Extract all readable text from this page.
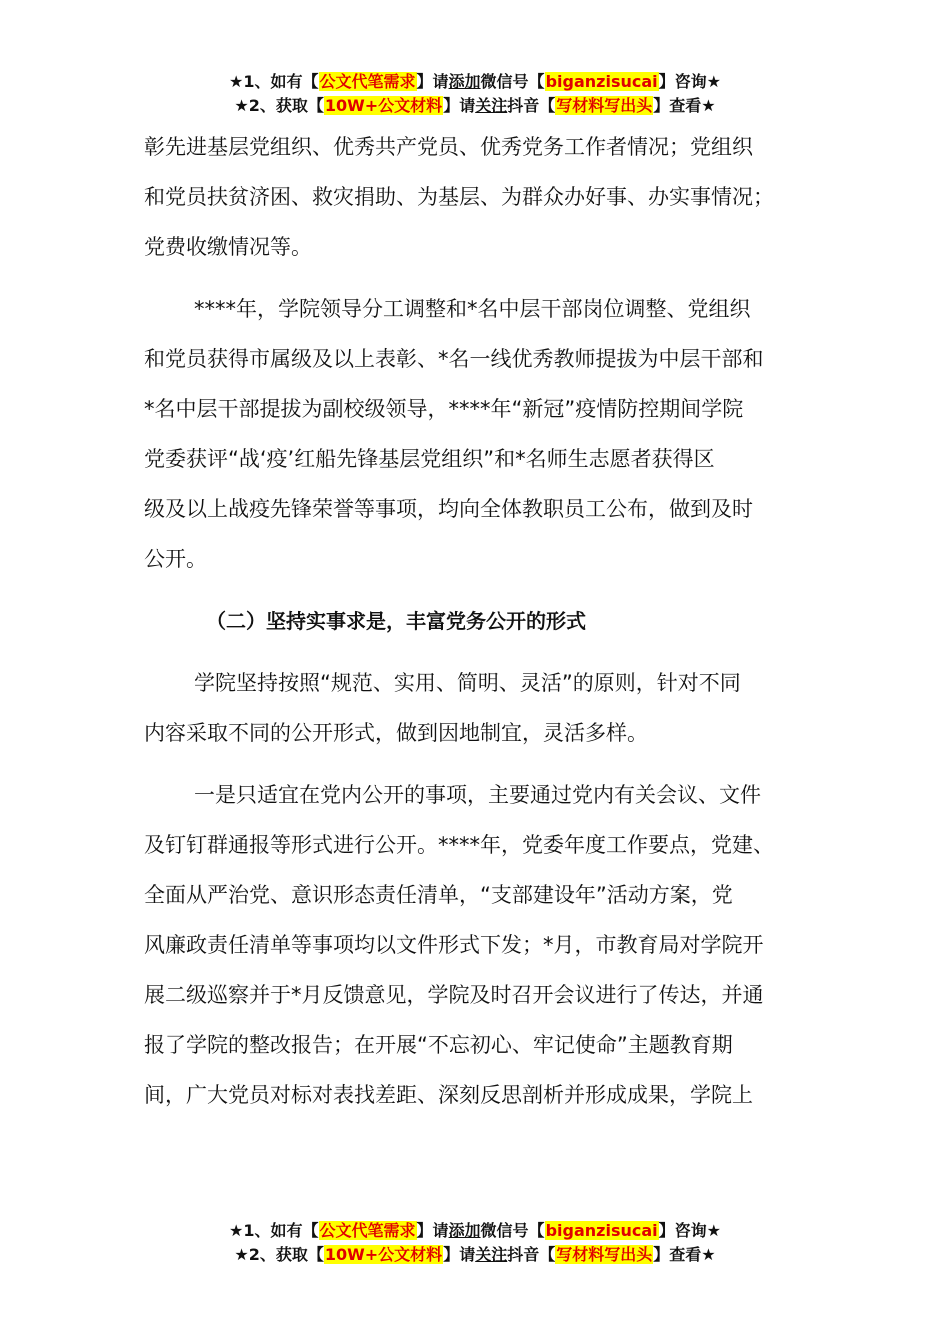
★1、如有【公文代笔需求】请添加微信号【biganzisucai】咨询★
★2、获取【10W+公文材料】请关注抖音【写材料写出头】查看★
彰先进基层党组织、优秀共产党员、优秀党务工作者情况；党组织
和党员扶贫济困、救灾捐助、为基层、为群众办好事、办实事情况；
党费收缴情况等。
****年，学院领导分工调整和*名中层干部岗位调整、党组织
和党员获得市属级及以上表彰、*名一线优秀教师提拔为中层干部和
*名中层干部提拔为副校级领导，****年“新冠”疫情防控期间学院
党委获评“战‘疫’红船先锋基层党组织”和*名师生志愿者获得区
级及以上战疫先锋荣誉等事项，均向全体教职员工公布，做到及时
公开。
（二）坚持实事求是，丰富党务公开的形式
学院坚持按照“规范、实用、简明、灵活”的原则，针对不同
内容采取不同的公开形式，做到因地制宜，灵活多样。
一是只适宜在党内公开的事项，主要通过党内有关会议、文件
及钉钉群通报等形式进行公开。****年，党委年度工作要点，党建、
全面从严治党、意识形态责任清单，“支部建设年”活动方案，党
风廉政责任清单等事项均以文件形式下发；*月，市教育局对学院开
展二级巡察并于*月反馈意见，学院及时召开会议进行了传达，并通
报了学院的整改报告；在开展“不忘初心、牢记使命”主题教育期
间，广大党员对标对表找差距、深刻反思剖析并形成成果，学院上
★1、如有【公文代笔需求】请添加微信号【biganzisucai】咨询★
★2、获取【10W+公文材料】请关注抖音【写材料写出头】查看★
